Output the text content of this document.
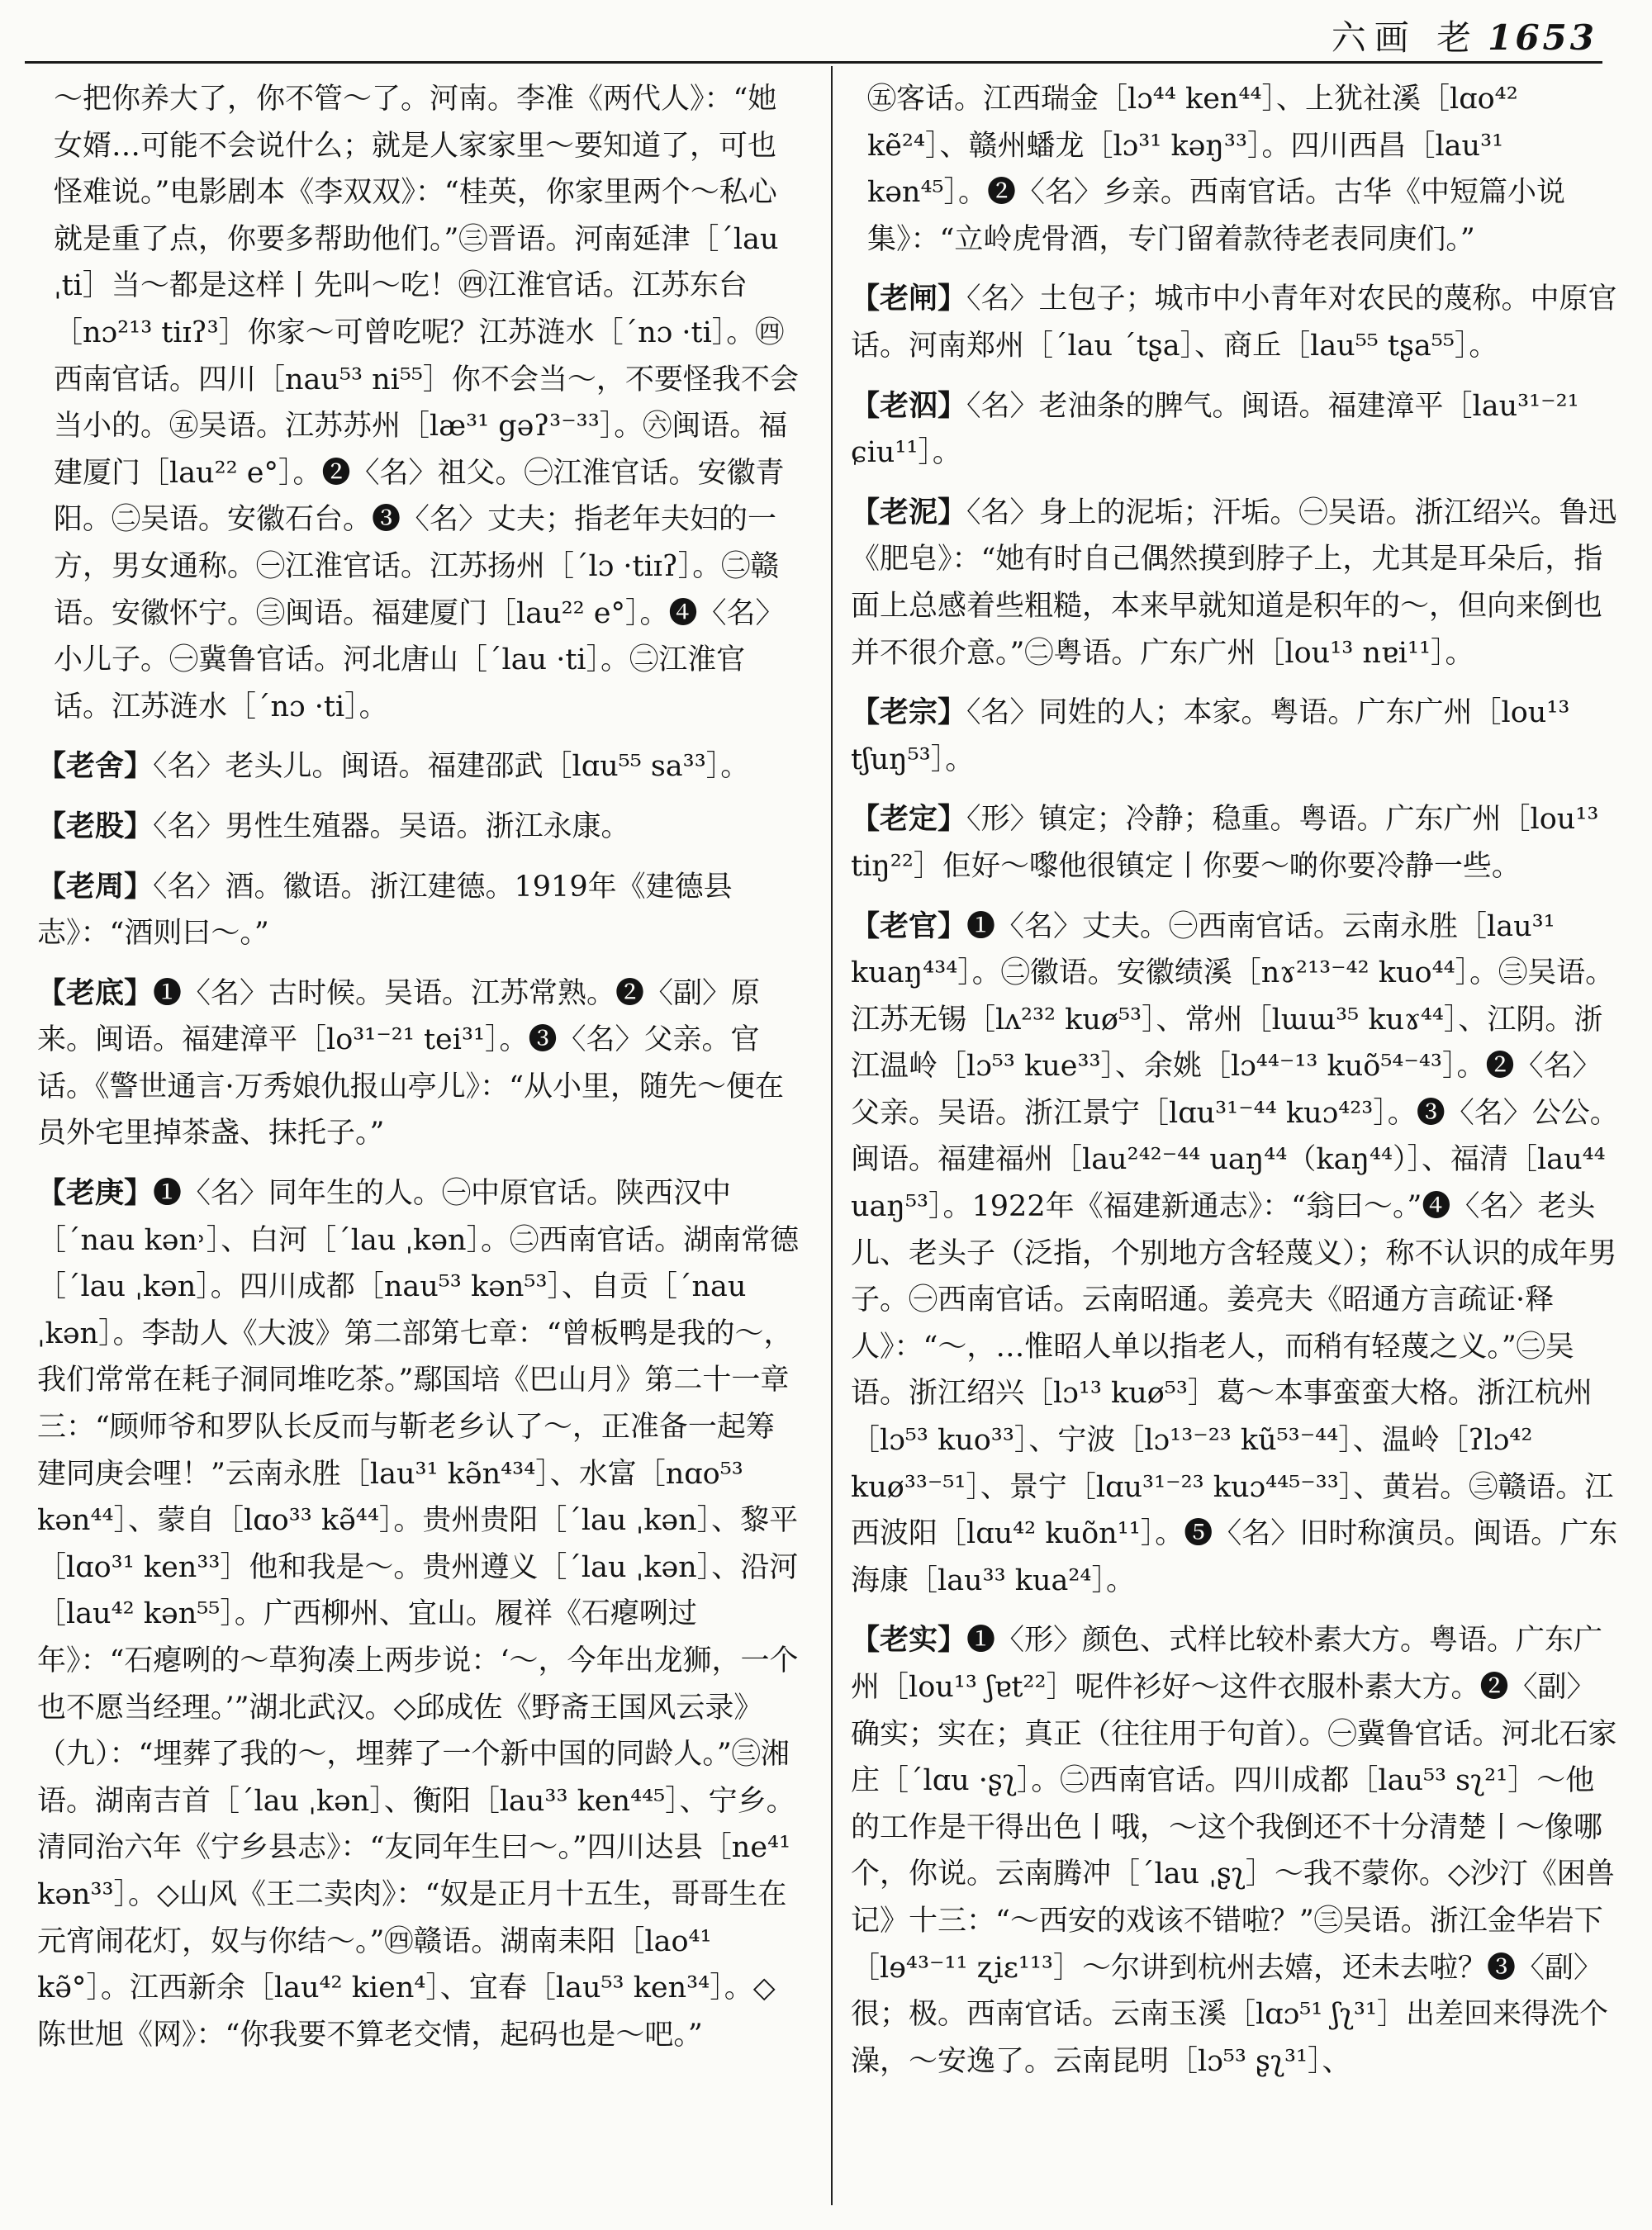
六画 老 1653

～把你养大了，你不管～了。河南。李准《两代人》：“她女婿…可能不会说什么；就是人家家里～要知道了，可也怪难说。”电影剧本《李双双》：“桂英，你家里两个～私心就是重了点，你要多帮助他们。”㊂晋语。河南延津［ˊlau ˌti］当～都是这样丨先叫～吃！㊃江淮官话。江苏东台［nɔ²¹³ tiɪʔ³］你家～可曾吃呢？江苏涟水［ˊnɔ ·ti］。㊃西南官话。四川［nau⁵³ ni⁵⁵］你不会当～，不要怪我不会当小的。㊄吴语。江苏苏州［læ³¹ gəʔ³⁻³³］。㊅闽语。福建厦门［lau²² e°］。❷〈名〉祖父。㊀江淮官话。安徽青阳。㊁吴语。安徽石台。❸〈名〉丈夫；指老年夫妇的一方，男女通称。㊀江淮官话。江苏扬州［ˊlɔ ·tiɪʔ］。㊁赣语。安徽怀宁。㊂闽语。福建厦门［lau²² e°］。❹〈名〉小儿子。㊀冀鲁官话。河北唐山［ˊlau ·ti］。㊁江淮官话。江苏涟水［ˊnɔ ·ti］。

【老舍】〈名〉老头儿。闽语。福建邵武［lɑu⁵⁵ sa³³］。

【老股】〈名〉男性生殖器。吴语。浙江永康。

【老周】〈名〉酒。徽语。浙江建德。1919年《建德县志》：“酒则曰～。”

【老底】❶〈名〉古时候。吴语。江苏常熟。❷〈副〉原来。闽语。福建漳平［lo³¹⁻²¹ tei³¹］。❸〈名〉父亲。官话。《警世通言·万秀娘仇报山亭儿》：“从小里，随先～便在员外宅里掉茶盏、抹托子。”

【老庚】❶〈名〉同年生的人。㊀中原官话。陕西汉中［ˊnau kən˒］、白河［ˊlau ˌkən］。㊁西南官话。湖南常德［ˊlau ˌkən］。四川成都［nau⁵³ kən⁵³］、自贡［ˊnau ˌkən］。李劼人《大波》第二部第七章：“曾板鸭是我的～，我们常常在耗子洞同堆吃茶。”鄢国培《巴山月》第二十一章三：“顾师爷和罗队长反而与靳老乡认了～，正准备一起筹建同庚会哩！”云南永胜［lau³¹ kə̃n⁴³⁴］、水富［nɑo⁵³ kən⁴⁴］、蒙自［lɑo³³ kə̃⁴⁴］。贵州贵阳［ˊlau ˌkən］、黎平［lɑo³¹ ken³³］他和我是～。贵州遵义［ˊlau ˌkən］、沿河［lau⁴² kən⁵⁵］。广西柳州、宜山。履祥《石瘪咧过年》：“石瘪咧的～草狗凑上两步说：‘～，今年出龙狮，一个也不愿当经理。’”湖北武汉。◇邱成佐《野斋王国风云录》（九）：“埋葬了我的～，埋葬了一个新中国的同龄人。”㊂湘语。湖南吉首［ˊlau ˌkən］、衡阳［lau³³ ken⁴⁴⁵］、宁乡。清同治六年《宁乡县志》：“友同年生曰～。”四川达县［ne⁴¹ kən³³］。◇山风《王二卖肉》：“奴是正月十五生，哥哥生在元宵闹花灯，奴与你结～。”㊃赣语。湖南耒阳［lao⁴¹ kə̃°］。江西新余［lau⁴² kien⁴］、宜春［lau⁵³ ken³⁴］。◇陈世旭《网》：“你我要不算老交情，起码也是～吧。”

㊄客话。江西瑞金［lɔ⁴⁴ ken⁴⁴］、上犹社溪［lɑo⁴² kẽ²⁴］、赣州蟠龙［lɔ³¹ kəŋ³³］。四川西昌［lau³¹ kən⁴⁵］。❷〈名〉乡亲。西南官话。古华《中短篇小说集》：“立岭虎骨酒，专门留着款待老表同庚们。”

【老闸】〈名〉土包子；城市中小青年对农民的蔑称。中原官话。河南郑州［ˊlau ˊtʂa］、商丘［lau⁵⁵ tʂa⁵⁵］。

【老泅】〈名〉老油条的脾气。闽语。福建漳平［lau³¹⁻²¹ ɕiu¹¹］。

【老泥】〈名〉身上的泥垢；汗垢。㊀吴语。浙江绍兴。鲁迅《肥皂》：“她有时自己偶然摸到脖子上，尤其是耳朵后，指面上总感着些粗糙，本来早就知道是积年的～，但向来倒也并不很介意。”㊁粤语。广东广州［lou¹³ nɐi¹¹］。

【老宗】〈名〉同姓的人；本家。粤语。广东广州［lou¹³ tʃuŋ⁵³］。

【老定】〈形〉镇定；冷静；稳重。粤语。广东广州［lou¹³ tiŋ²²］佢好～嚟他很镇定丨你要～啲你要冷静一些。

【老官】❶〈名〉丈夫。㊀西南官话。云南永胜［lau³¹ kuaŋ⁴³⁴］。㊁徽语。安徽绩溪［nɤ²¹³⁻⁴² kuo⁴⁴］。㊂吴语。江苏无锡［lʌ²³² kuø⁵³］、常州［lɯɯ³⁵ kuɤ⁴⁴］、江阴。浙江温岭［lɔ⁵³ kue³³］、余姚［lɔ⁴⁴⁻¹³ kuõ⁵⁴⁻⁴³］。❷〈名〉父亲。吴语。浙江景宁［lɑu³¹⁻⁴⁴ kuɔ⁴²³］。❸〈名〉公公。闽语。福建福州［lau²⁴²⁻⁴⁴ uaŋ⁴⁴（kaŋ⁴⁴）］、福清［lau⁴⁴ uaŋ⁵³］。1922年《福建新通志》：“翁曰～。”❹〈名〉老头儿、老头子（泛指，个别地方含轻蔑义）；称不认识的成年男子。㊀西南官话。云南昭通。姜亮夫《昭通方言疏证·释人》：“～，…惟昭人单以指老人，而稍有轻蔑之义。”㊁吴语。浙江绍兴［lɔ¹³ kuø⁵³］葛～本事蛮蛮大格。浙江杭州［lɔ⁵³ kuo³³］、宁波［lɔ¹³⁻²³ kũ⁵³⁻⁴⁴］、温岭［ʔlɔ⁴² kuø³³⁻⁵¹］、景宁［lɑu³¹⁻²³ kuɔ⁴⁴⁵⁻³³］、黄岩。㊂赣语。江西波阳［lɑu⁴² kuõn¹¹］。❺〈名〉旧时称演员。闽语。广东海康［lau³³ kua²⁴］。

【老实】❶〈形〉颜色、式样比较朴素大方。粤语。广东广州［lou¹³ ʃɐt²²］呢件衫好～这件衣服朴素大方。❷〈副〉确实；实在；真正（往往用于句首）。㊀冀鲁官话。河北石家庄［ˊlɑu ·ʂʅ］。㊁西南官话。四川成都［lau⁵³ sʅ²¹］～他的工作是干得出色丨哦，～这个我倒还不十分清楚丨～像哪个，你说。云南腾冲［ˊlau ˌʂʅ］～我不蒙你。◇沙汀《困兽记》十三：“～西安的戏该不错啦？”㊂吴语。浙江金华岩下［lɘ⁴³⁻¹¹ ʐiɛ¹¹³］～尔讲到杭州去嬉，还未去啦？❸〈副〉很；极。西南官话。云南玉溪［lɑɔ⁵¹ ʃʅ³¹］出差回来得洗个澡，～安逸了。云南昆明［lɔ⁵³ ʂʅ³¹］、
